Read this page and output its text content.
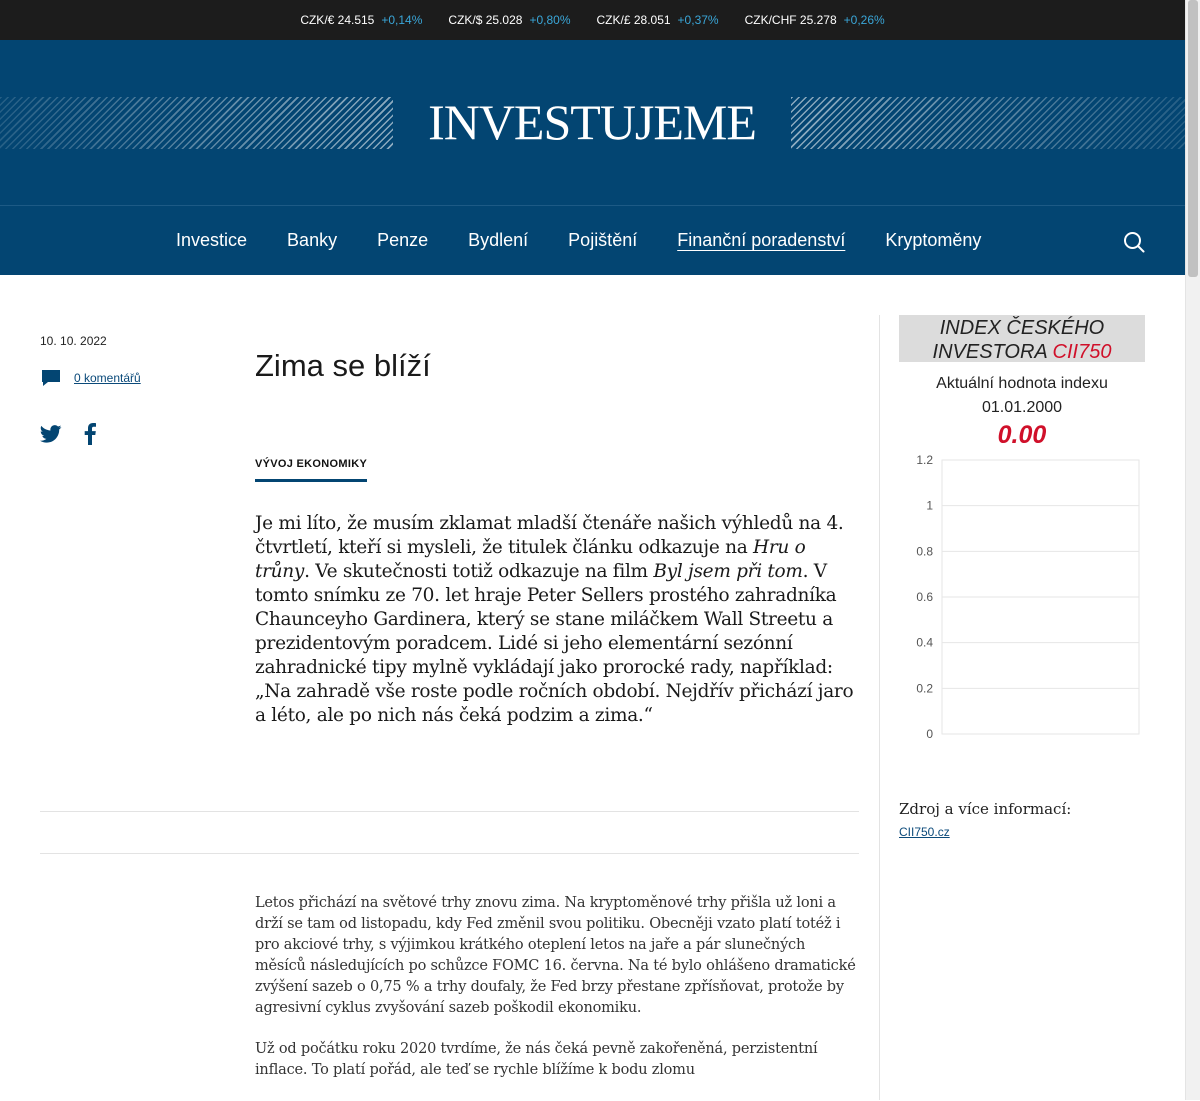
CZK/€ 24.515 +0,14% CZK/$ 25.028 +0,80% CZK/£ 28.051 +0,37% CZK/CHF 25.278 +0,26%
INVESTUJEME
Investice	Banky	Penze	Bydlení	Pojištění	Finanční poradenství	Kryptoměny
10. 10. 2022
0 komentářů	Zima se blíží
VÝVOJ EKONOMIKY

Je mi líto, že musím zklamat mladší čtenáře našich výhledů na 4. čtvrtletí, kteří si mysleli, že titulek článku odkazuje na Hru o trůny. Ve skutečnosti totiž odkazuje na film Byl jsem při tom. V tomto snímku ze 70. let hraje Peter Sellers prostého zahradníka Chaunceyho Gardinera, který se stane miláčkem Wall Streetu a prezidentovým poradcem. Lidé si jeho elementární sezónní zahradnické tipy mylně vykládají jako prorocké rady, například: „Na zahradě vše roste podle ročních období. Nejdřív přichází jaro a léto, ale po nich nás čeká podzim a zima.“

Letos přichází na světové trhy znovu zima. Na kryptoměnové trhy přišla už loni a drží se tam od listopadu, kdy Fed změnil svou politiku. Obecněji vzato platí totéž i pro akciové trhy, s výjimkou krátkého oteplení letos na jaře a pár slunečných měsíců následujících po schůzce FOMC 16. června. Na té bylo ohlášeno dramatické zvýšení sazeb o 0,75 % a trhy doufaly, že Fed brzy přestane zpřísňovat, protože by agresivní cyklus zvyšování sazeb poškodil ekonomiku.

Už od počátku roku 2020 tvrdíme, že nás čeká pevně zakořeněná, perzistentní inflace. To platí pořád, ale teď se rychle blížíme k bodu zlomu

INDEX ČESKÉHO
INVESTORA CII750
Aktuální hodnota indexu
01.01.2000
0.00
0
0.2
0.4
0.6
0.8
1
1.2
Zdroj a více informací:
CII750.cz
